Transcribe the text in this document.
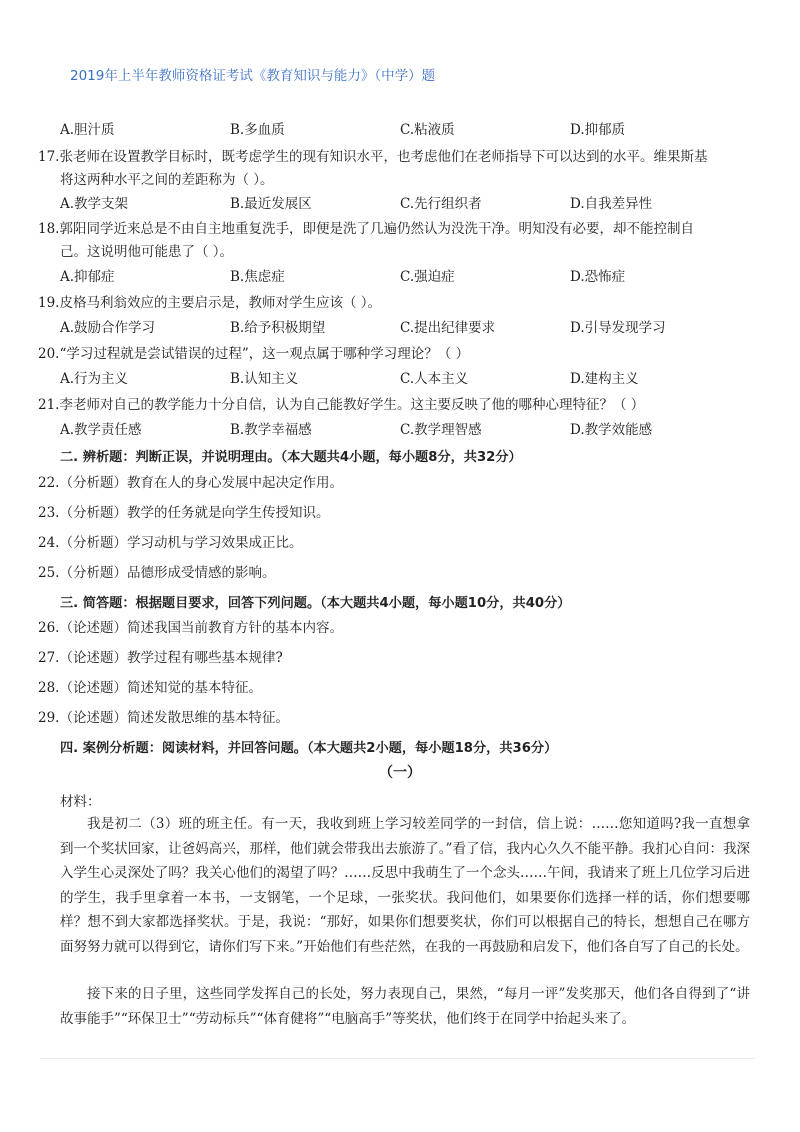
2019年上半年教师资格证考试《教育知识与能力》（中学）题
A.胆汁质	B.多血质	C.粘液质	D.抑郁质
17.张老师在设置教学目标时，既考虑学生的现有知识水平，也考虑他们在老师指导下可以达到的水平。维果斯基
将这两种水平之间的差距称为（ ）。
A.教学支架	B.最近发展区	C.先行组织者	D.自我差异性
18.郭阳同学近来总是不由自主地重复洗手，即便是洗了几遍仍然认为没洗干净。明知没有必要，却不能控制自
己。这说明他可能患了（ ）。
A.抑郁症	B.焦虑症	C.强迫症	D.恐怖症
19.皮格马利翁效应的主要启示是，教师对学生应该（ ）。
A.鼓励合作学习	B.给予积极期望	C.提出纪律要求	D.引导发现学习
20.“学习过程就是尝试错误的过程”，这一观点属于哪种学习理论？（ ）
A.行为主义	B.认知主义	C.人本主义	D.建构主义
21.李老师对自己的教学能力十分自信，认为自己能教好学生。这主要反映了他的哪种心理特征？（ ）
A.教学责任感	B.教学幸福感	C.教学理智感	D.教学效能感
二. 辨析题：判断正误，并说明理由。（本大题共4小题，每小题8分，共32分）
22.（分析题）教育在人的身心发展中起决定作用。
23.（分析题）教学的任务就是向学生传授知识。
24.（分析题）学习动机与学习效果成正比。
25.（分析题）品德形成受情感的影响。
三. 简答题：根据题目要求，回答下列问题。（本大题共4小题，每小题10分，共40分）
26.（论述题）简述我国当前教育方针的基本内容。
27.（论述题）教学过程有哪些基本规律?
28.（论述题）简述知觉的基本特征。
29.（论述题）简述发散思维的基本特征。
四. 案例分析题：阅读材料，并回答问题。（本大题共2小题，每小题18分，共36分）
（一）
材料：
我是初二（3）班的班主任。有一天，我收到班上学习较差同学的一封信，信上说：……您知道吗?我一直想拿到一个奖状回家，让爸妈高兴，那样，他们就会带我出去旅游了。”看了信，我内心久久不能平静。我扪心自问：我深入学生心灵深处了吗？我关心他们的渴望了吗？……反思中我萌生了一个念头……午间，我请来了班上几位学习后进的学生，我手里拿着一本书，一支钢笔，一个足球，一张奖状。我问他们，如果要你们选择一样的话，你们想要哪样？想不到大家都选择奖状。于是，我说：“那好，如果你们想要奖状，你们可以根据自己的特长，想想自己在哪方面努努力就可以得到它，请你们写下来。”开始他们有些茫然，在我的一再鼓励和启发下，他们各自写了自己的长处。
接下来的日子里，这些同学发挥自己的长处，努力表现自己，果然，“每月一评”发奖那天，他们各自得到了“讲故事能手”“环保卫士”“劳动标兵”“体育健将”“电脑高手”等奖状，他们终于在同学中抬起头来了。
